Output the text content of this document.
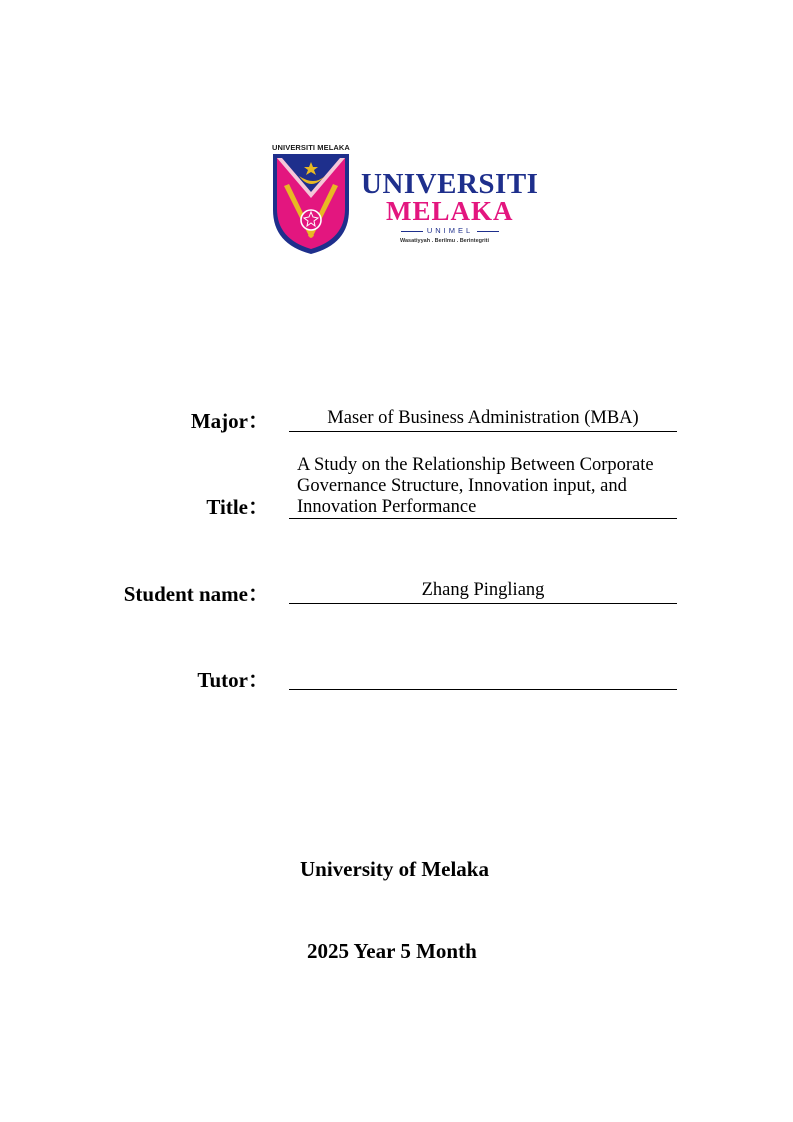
UNIVERSITI MELAKA
UNIVERSITI
MELAKA
UNIMEL
Wasatiyyah . Berilmu . Berintegriti
Major：	Maser of Business Administration (MBA)
Title：
A Study on the Relationship Between Corporate
Governance Structure, Innovation input, and
Innovation Performance
Student name：	Zhang Pingliang
Tutor：
University of Melaka
2025 Year 5 Month
